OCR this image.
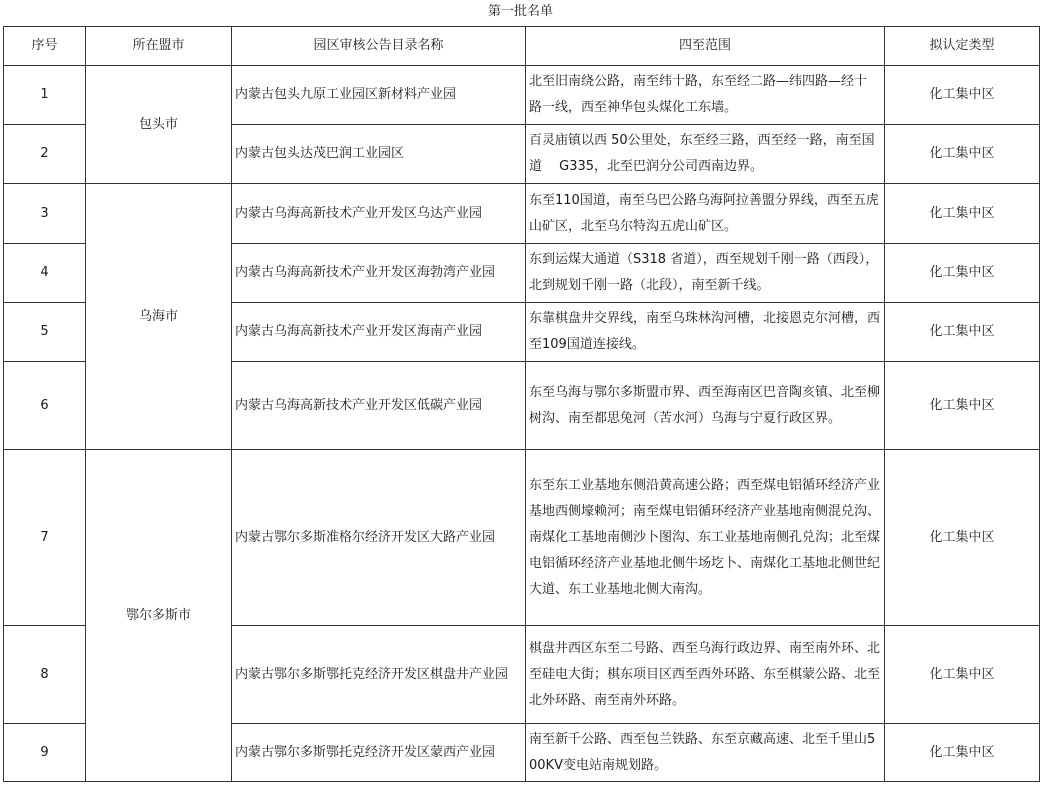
第一批名单
序号	所在盟市	园区审核公告目录名称	四至范围	拟认定类型
1	包头市	内蒙古包头九原工业园区新材料产业园	北至旧南绕公路，南至纬十路，东至经二路—纬四路—经十 路一线，西至神华包头煤化工东墙。	化工集中区
2		内蒙古包头达茂巴润工业园区	百灵庙镇以西 50公里处，东至经三路，西至经一路，南至国道　 G335，北至巴润分公司西南边界。	化工集中区
3	乌海市	内蒙古乌海高新技术产业开发区乌达产业园	东至110国道，南至乌巴公路乌海阿拉善盟分界线，西至五虎山矿区，北至乌尔特沟五虎山矿区。	化工集中区
4		内蒙古乌海高新技术产业开发区海勃湾产业园	东到运煤大通道（S318 省道），西至规划千刚一路（西段），北到规划千刚一路（北段），南至新千线。	化工集中区
5		内蒙古乌海高新技术产业开发区海南产业园	东靠棋盘井交界线，南至乌珠林沟河槽，北接恩克尔河槽，西至109国道连接线。	化工集中区
6		内蒙古乌海高新技术产业开发区低碳产业园	东至乌海与鄂尔多斯盟市界、西至海南区巴音陶亥镇、北至柳树沟、南至都思兔河（苦水河）乌海与宁夏行政区界。	化工集中区
7	鄂尔多斯市	内蒙古鄂尔多斯准格尔经济开发区大路产业园	东至东工业基地东侧沿黄高速公路；西至煤电铝循环经济产业基地西侧壕赖河；南至煤电铝循环经济产业基地南侧混兑沟、南煤化工基地南侧沙卜图沟、东工业基地南侧孔兑沟；北至煤电铝循环经济产业基地北侧牛场圪卜、南煤化工基地北侧世纪大道、东工业基地北侧大南沟。	化工集中区
8		内蒙古鄂尔多斯鄂托克经济开发区棋盘井产业园	棋盘井西区东至二号路、西至乌海行政边界、南至南外环、北至硅电大街；棋东项目区西至西外环路、东至棋蒙公路、北至北外环路、南至南外环路。	化工集中区
9		内蒙古鄂尔多斯鄂托克经济开发区蒙西产业园	南至新千公路、西至包兰铁路、东至京藏高速、北至千里山500KV变电站南规划路。	化工集中区
